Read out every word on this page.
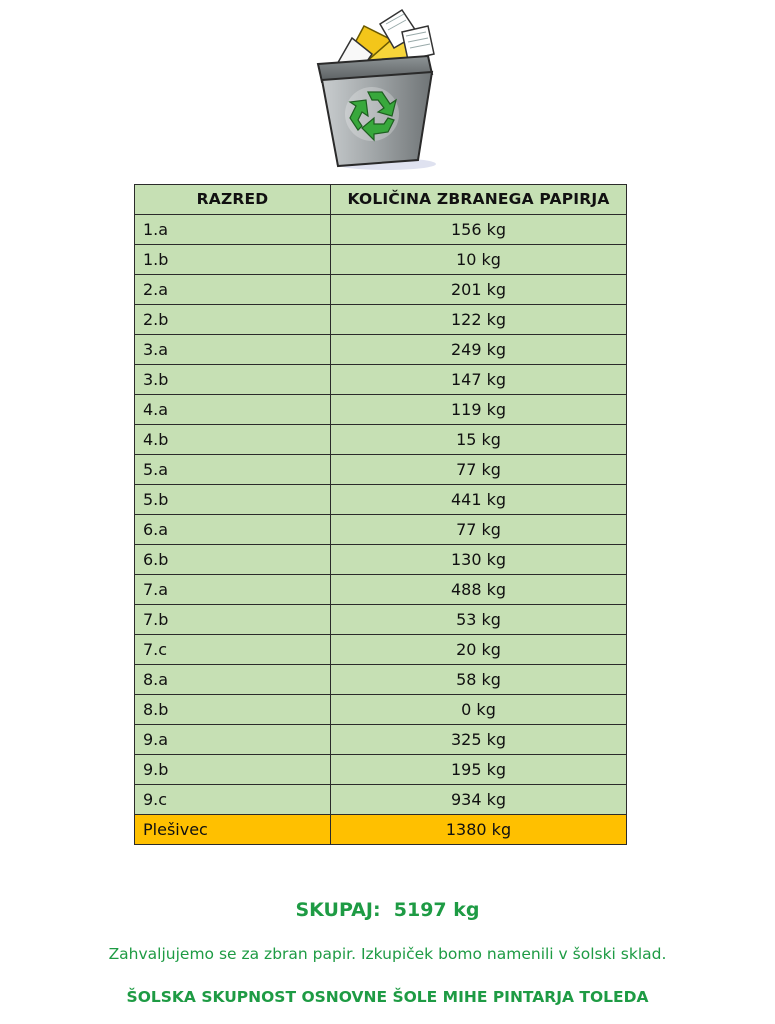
RAZRED	KOLIČINA ZBRANEGA PAPIRJA
1.a	156 kg
1.b	10 kg
2.a	201 kg
2.b	122 kg
3.a	249 kg
3.b	147 kg
4.a	119 kg
4.b	15 kg
5.a	77 kg
5.b	441 kg
6.a	77 kg
6.b	130 kg
7.a	488 kg
7.b	53 kg
7.c	20 kg
8.a	58 kg
8.b	0 kg
9.a	325 kg
9.b	195 kg
9.c	934 kg
Plešivec	1380 kg
SKUPAJ:  5197 kg
Zahvaljujemo se za zbran papir. Izkupiček bomo namenili v šolski sklad.
ŠOLSKA SKUPNOST OSNOVNE ŠOLE MIHE PINTARJA TOLEDA
